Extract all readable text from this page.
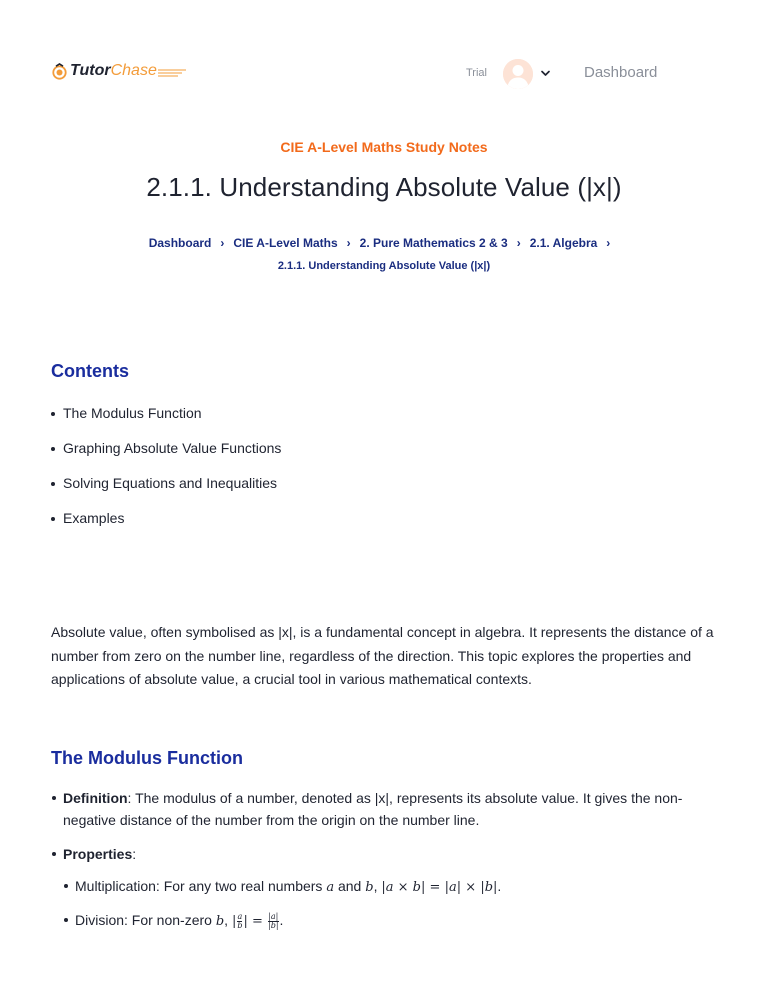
Tutor Chase	Trial	Dashboard
CIE A-Level Maths Study Notes
2.1.1. Understanding Absolute Value (|x|)
Dashboard › CIE A-Level Maths › 2. Pure Mathematics 2 & 3 › 2.1. Algebra ›
2.1.1. Understanding Absolute Value (|x|)
Contents
The Modulus Function
Graphing Absolute Value Functions
Solving Equations and Inequalities
Examples

Absolute value, often symbolised as |x|, is a fundamental concept in algebra. It represents the distance of a number from zero on the number line, regardless of the direction. This topic explores the properties and applications of absolute value, a crucial tool in various mathematical contexts.

The Modulus Function
Definition: The modulus of a number, denoted as |x|, represents its absolute value. It gives the non-negative distance of the number from the origin on the number line.
Properties:
Multiplication: For any two real numbers a and b, |a × b| = |a| × |b|.
Division: For non-zero b, | $\frac{a}{b}$ | = $\frac{|a|}{|b|}$ .
